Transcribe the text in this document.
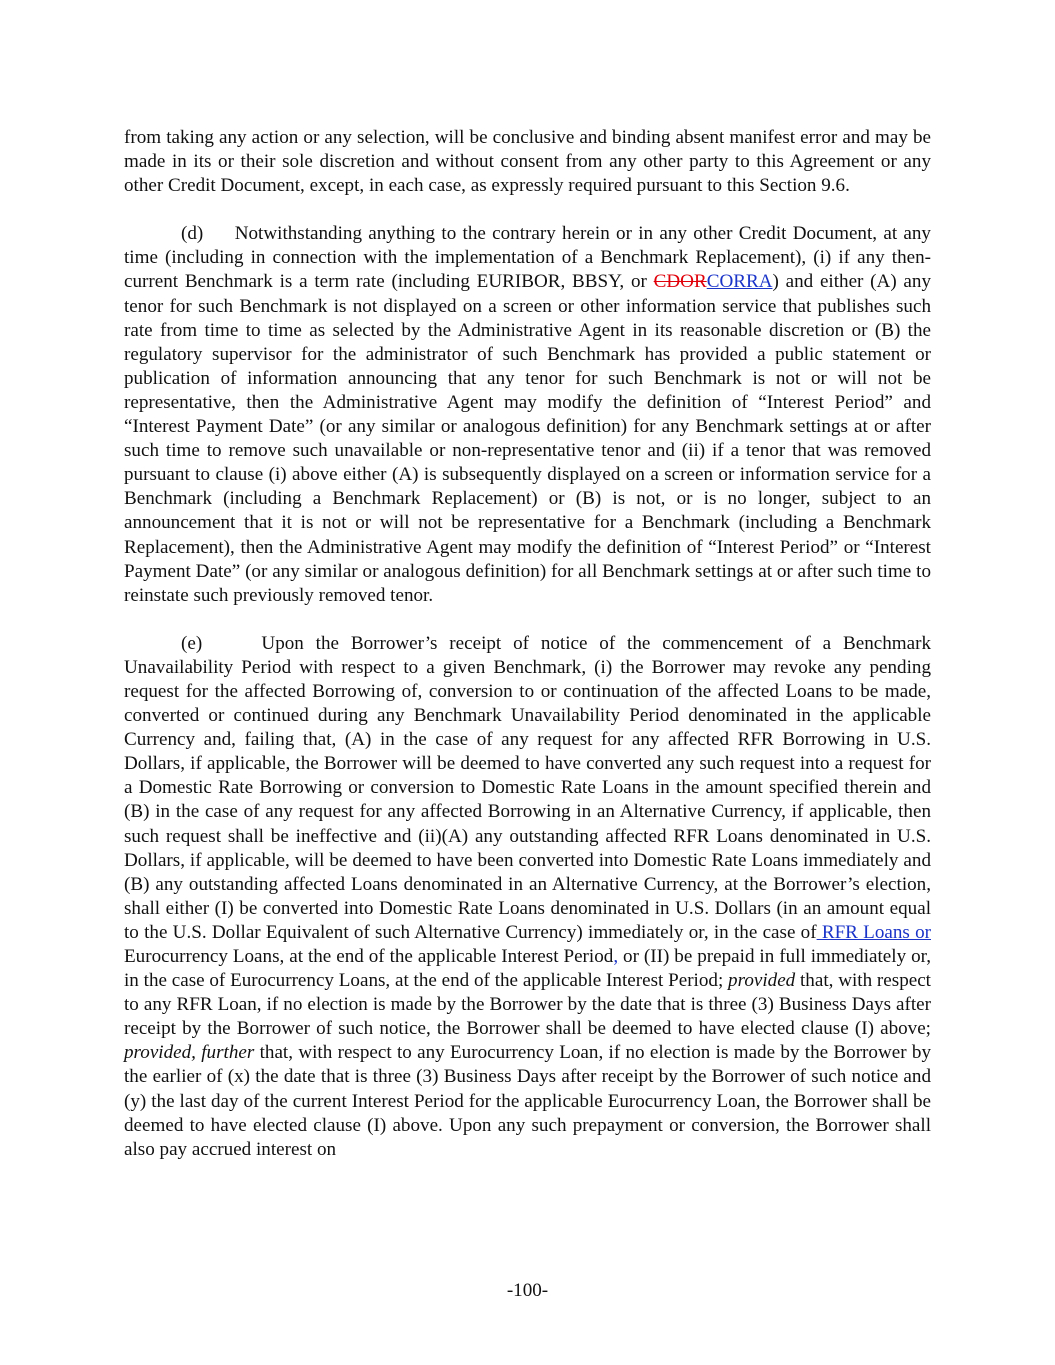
from taking any action or any selection, will be conclusive and binding absent manifest error and may be made in its or their sole discretion and without consent from any other party to this Agreement or any other Credit Document, except, in each case, as expressly required pursuant to this Section 9.6.

(d) Notwithstanding anything to the contrary herein or in any other Credit Document, at any time (including in connection with the implementation of a Benchmark Replacement), (i) if any then-current Benchmark is a term rate (including EURIBOR, BBSY, or CDORCORRA) and either (A) any tenor for such Benchmark is not displayed on a screen or other information service that publishes such rate from time to time as selected by the Administrative Agent in its reasonable discretion or (B) the regulatory supervisor for the administrator of such Benchmark has provided a public statement or publication of information announcing that any tenor for such Benchmark is not or will not be representative, then the Administrative Agent may modify the definition of “Interest Period” and “Interest Payment Date” (or any similar or analogous definition) for any Benchmark settings at or after such time to remove such unavailable or non-representative tenor and (ii) if a tenor that was removed pursuant to clause (i) above either (A) is subsequently displayed on a screen or information service for a Benchmark (including a Benchmark Replacement) or (B) is not, or is no longer, subject to an announcement that it is not or will not be representative for a Benchmark (including a Benchmark Replacement), then the Administrative Agent may modify the definition of “Interest Period” or “Interest Payment Date” (or any similar or analogous definition) for all Benchmark settings at or after such time to reinstate such previously removed tenor.

(e)	Upon the Borrower’s receipt of notice of the commencement of a Benchmark Unavailability Period with respect to a given Benchmark, (i) the Borrower may revoke any pending request for the affected Borrowing of, conversion to or continuation of the affected Loans to be made, converted or continued during any Benchmark Unavailability Period denominated in the applicable Currency and, failing that, (A) in the case of any request for any affected RFR Borrowing in U.S. Dollars, if applicable, the Borrower will be deemed to have converted any such request into a request for a Domestic Rate Borrowing or conversion to Domestic Rate Loans in the amount specified therein and (B) in the case of any request for any affected Borrowing in an Alternative Currency, if applicable, then such request shall be ineffective and (ii)(A) any outstanding affected RFR Loans denominated in U.S. Dollars, if applicable, will be deemed to have been converted into Domestic Rate Loans immediately and (B) any outstanding affected Loans denominated in an Alternative Currency, at the Borrower’s election, shall either (I) be converted into Domestic Rate Loans denominated in U.S. Dollars (in an amount equal to the U.S. Dollar Equivalent of such Alternative Currency) immediately or, in the case of RFR Loans or Eurocurrency Loans, at the end of the applicable Interest Period, or (II) be prepaid in full immediately or, in the case of Eurocurrency Loans, at the end of the applicable Interest Period; provided that, with respect to any RFR Loan, if no election is made by the Borrower by the date that is three (3) Business Days after receipt by the Borrower of such notice, the Borrower shall be deemed to have elected clause (I) above; provided, further that, with respect to any Eurocurrency Loan, if no election is made by the Borrower by the earlier of (x) the date that is three (3) Business Days after receipt by the Borrower of such notice and (y) the last day of the current Interest Period for the applicable Eurocurrency Loan, the Borrower shall be deemed to have elected clause (I) above. Upon any such prepayment or conversion, the Borrower shall also pay accrued interest on

-100-
